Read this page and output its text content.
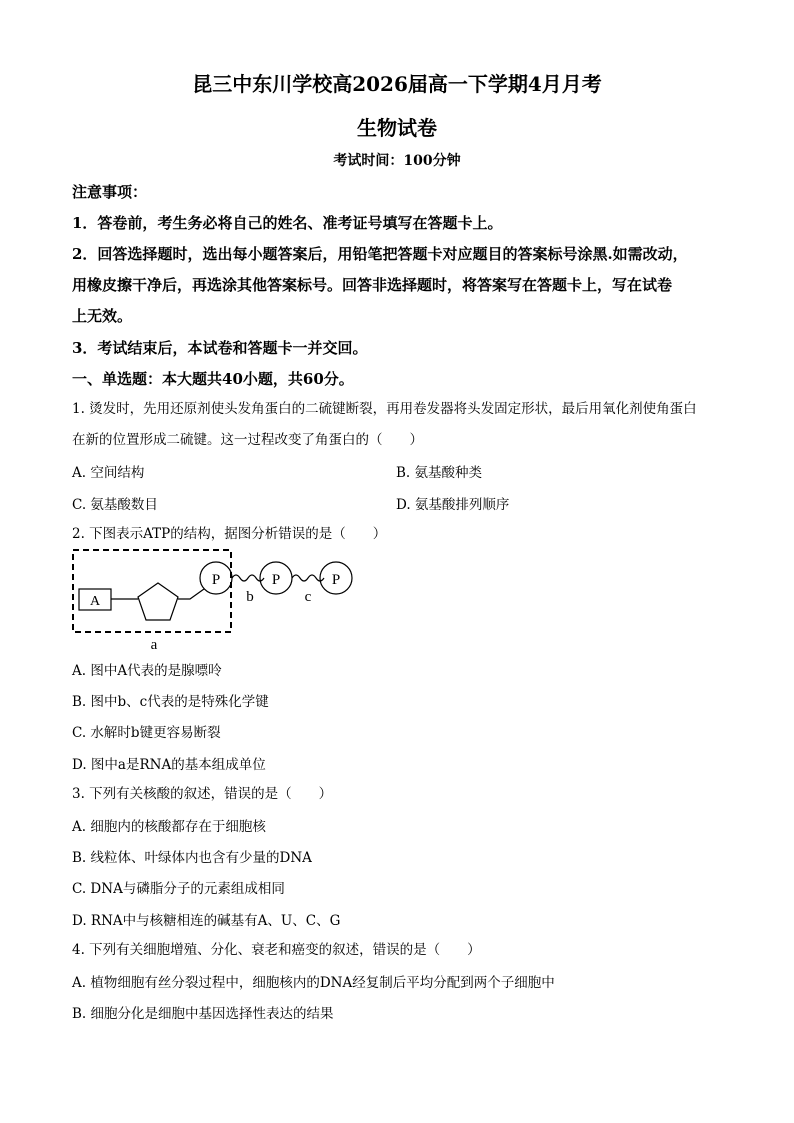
昆三中东川学校高2026届高一下学期4月月考
生物试卷
考试时间：100分钟
注意事项：
1．答卷前，考生务必将自己的姓名、准考证号填写在答题卡上。
2．回答选择题时，选出每小题答案后，用铅笔把答题卡对应题目的答案标号涂黑.如需改动，
用橡皮擦干净后，再选涂其他答案标号。回答非选择题时，将答案写在答题卡上，写在试卷
上无效。
3．考试结束后，本试卷和答题卡一并交回。
一、单选题：本大题共40小题，共60分。
1. 烫发时，先用还原剂使头发角蛋白的二硫键断裂，再用卷发器将头发固定形状，最后用氧化剂使角蛋白
在新的位置形成二硫键。这一过程改变了角蛋白的（　　）
A. 空间结构	B. 氨基酸种类
C. 氨基酸数目	D. 氨基酸排列顺序
2. 下图表示ATP的结构，据图分析错误的是（　　）
A
P	P	P
b	c
a
A. 图中A代表的是腺嘌呤
B. 图中b、c代表的是特殊化学键
C. 水解时b键更容易断裂
D. 图中a是RNA的基本组成单位
3. 下列有关核酸的叙述，错误的是（　　）
A. 细胞内的核酸都存在于细胞核
B. 线粒体、叶绿体内也含有少量的DNA
C. DNA与磷脂分子的元素组成相同
D. RNA中与核糖相连的碱基有A、U、C、G
4. 下列有关细胞增殖、分化、衰老和癌变的叙述，错误的是（　　）
A. 植物细胞有丝分裂过程中，细胞核内的DNA经复制后平均分配到两个子细胞中
B. 细胞分化是细胞中基因选择性表达的结果
